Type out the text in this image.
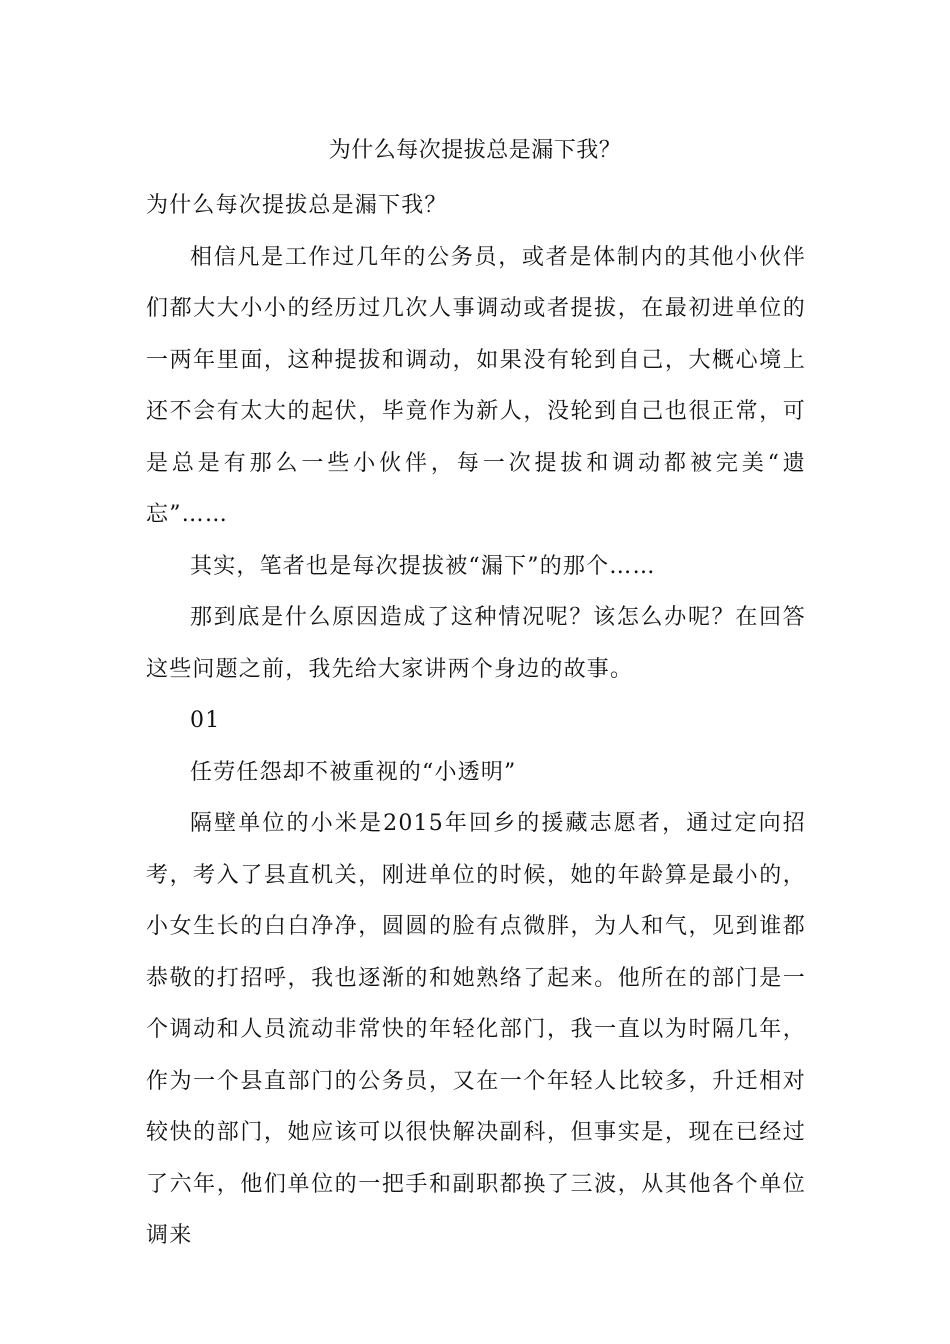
为什么每次提拔总是漏下我？

为什么每次提拔总是漏下我？

相信凡是工作过几年的公务员，或者是体制内的其他小伙伴们都大大小小的经历过几次人事调动或者提拔，在最初进单位的一两年里面，这种提拔和调动，如果没有轮到自己，大概心境上还不会有太大的起伏，毕竟作为新人，没轮到自己也很正常，可是总是有那么一些小伙伴，每一次提拔和调动都被完美“遗忘”……

其实，笔者也是每次提拔被“漏下”的那个……

那到底是什么原因造成了这种情况呢？该怎么办呢？在回答这些问题之前，我先给大家讲两个身边的故事。

01

任劳任怨却不被重视的“小透明”

隔壁单位的小米是2015年回乡的援藏志愿者，通过定向招考，考入了县直机关，刚进单位的时候，她的年龄算是最小的，小女生长的白白净净，圆圆的脸有点微胖，为人和气，见到谁都恭敬的打招呼，我也逐渐的和她熟络了起来。他所在的部门是一个调动和人员流动非常快的年轻化部门，我一直以为时隔几年，作为一个县直部门的公务员，又在一个年轻人比较多，升迁相对较快的部门，她应该可以很快解决副科，但事实是，现在已经过了六年，他们单位的一把手和副职都换了三波，从其他各个单位调来
